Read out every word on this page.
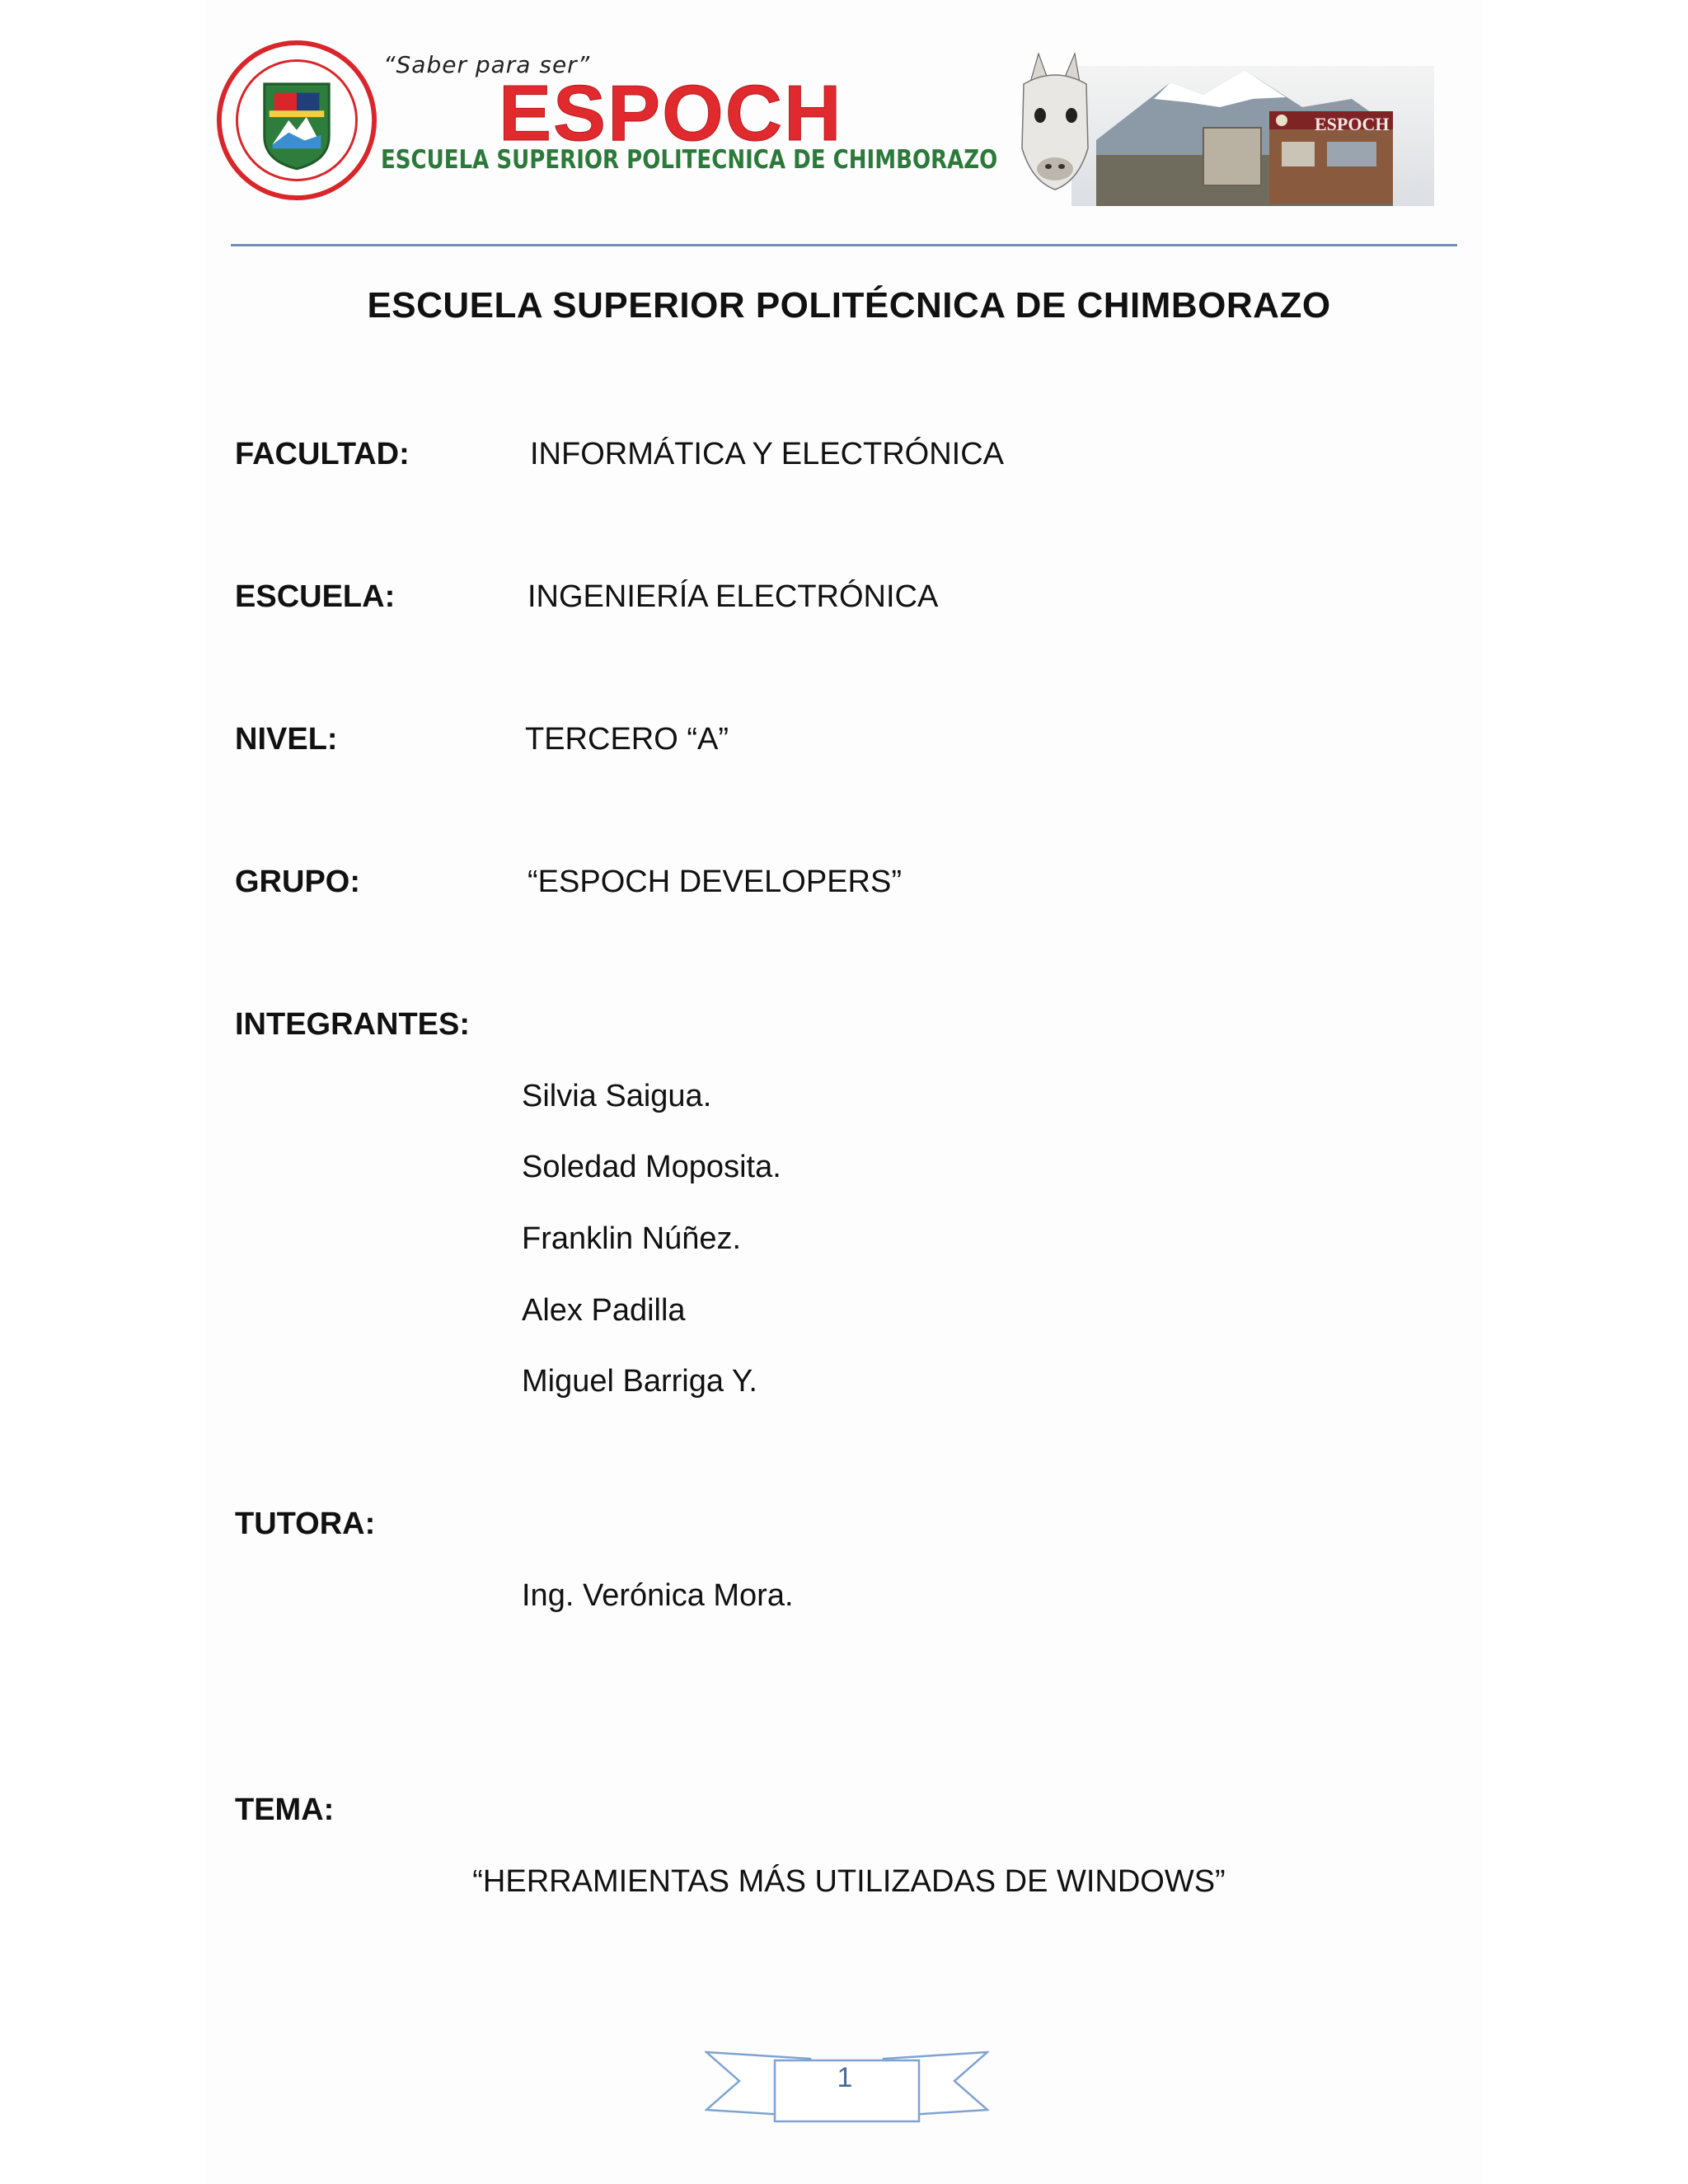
“Saber para ser”
ESPOCH
ESCUELA SUPERIOR POLITECNICA DE CHIMBORAZO
ESPOCH
ESCUELA SUPERIOR POLITÉCNICA DE CHIMBORAZO
FACULTAD:	INFORMÁTICA Y ELECTRÓNICA
ESCUELA:	INGENIERÍA ELECTRÓNICA
NIVEL:	TERCERO “A”
GRUPO:	“ESPOCH DEVELOPERS”
INTEGRANTES:
Silvia Saigua.
Soledad Moposita.
Franklin Núñez.
Alex Padilla
Miguel Barriga Y.
TUTORA:
Ing. Verónica Mora.
TEMA:
“HERRAMIENTAS MÁS UTILIZADAS DE WINDOWS”
1
